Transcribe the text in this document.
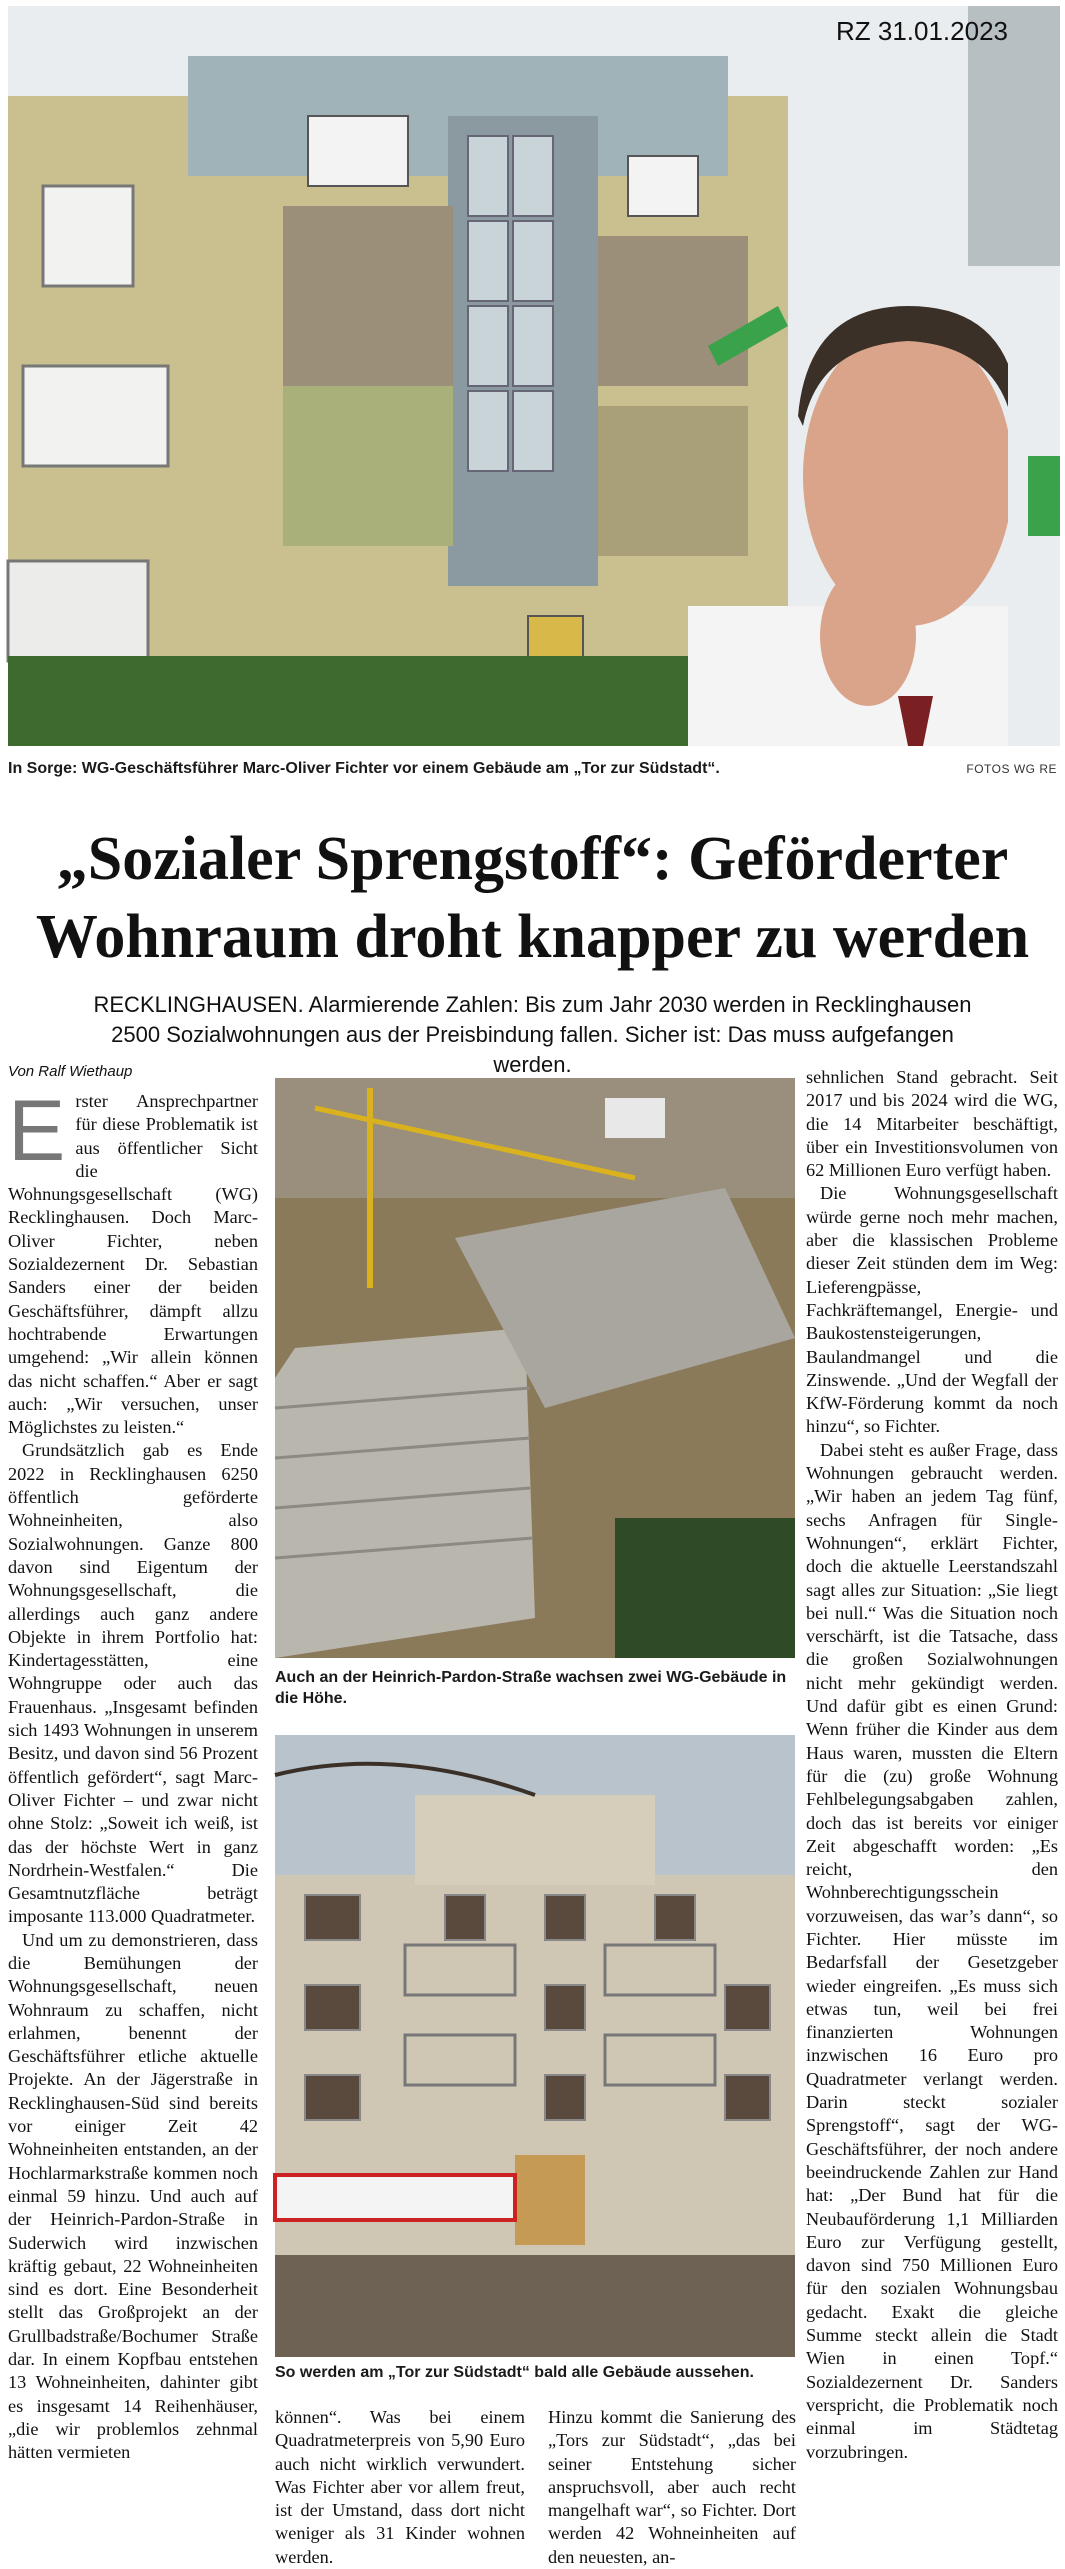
RZ 31.01.2023
In Sorge: WG-Geschäftsführer Marc-Oliver Fichter vor einem Gebäude am „Tor zur Südstadt“.	FOTOS WG RE
„Sozialer Sprengstoff“: Geförderter
Wohnraum droht knapper zu werden
RECKLINGHAUSEN. Alarmierende Zahlen: Bis zum Jahr 2030 werden in Recklinghausen 2500 Sozialwohnungen aus der Preisbindung fallen. Sicher ist: Das muss aufgefangen werden.
Von Ralf Wiethaup

Erster Ansprechpartner für diese Problematik ist aus öffentlicher Sicht die Wohnungsgesellschaft (WG) Recklinghausen. Doch Marc-Oliver Fichter, neben Sozialdezernent Dr. Sebastian Sanders einer der beiden Geschäftsführer, dämpft allzu hochtrabende Erwartungen umgehend: „Wir allein können das nicht schaffen.“ Aber er sagt auch: „Wir versuchen, unser Möglichstes zu leisten.“

Grundsätzlich gab es Ende 2022 in Recklinghausen 6250 öffentlich geförderte Wohneinheiten, also Sozialwohnungen. Ganze 800 davon sind Eigentum der Wohnungsgesellschaft, die allerdings auch ganz andere Objekte in ihrem Portfolio hat: Kindertagesstätten, eine Wohngruppe oder auch das Frauenhaus. „Insgesamt befinden sich 1493 Wohnungen in unserem Besitz, und davon sind 56 Prozent öffentlich gefördert“, sagt Marc-Oliver Fichter – und zwar nicht ohne Stolz: „Soweit ich weiß, ist das der höchste Wert in ganz Nordrhein-Westfalen.“ Die Gesamtnutzfläche beträgt imposante 113.000 Quadratmeter.

Und um zu demonstrieren, dass die Bemühungen der Wohnungsgesellschaft, neuen Wohnraum zu schaffen, nicht erlahmen, benennt der Geschäftsführer etliche aktuelle Projekte. An der Jägerstraße in Recklinghausen-Süd sind bereits vor einiger Zeit 42 Wohneinheiten entstanden, an der Hochlarmarkstraße kommen noch einmal 59 hinzu. Und auch auf der Heinrich-Pardon-Straße in Suderwich wird inzwischen kräftig gebaut, 22 Wohneinheiten sind es dort. Eine Besonderheit stellt das Großprojekt an der Grullbadstraße/Bochumer Straße dar. In einem Kopfbau entstehen 13 Wohneinheiten, dahinter gibt es insgesamt 14 Reihenhäuser, „die wir problemlos zehnmal hätten vermieten

Auch an der Heinrich-Pardon-Straße wachsen zwei WG-Gebäude in die Höhe.
So werden am „Tor zur Südstadt“ bald alle Gebäude aussehen.

können“. Was bei einem Quadratmeterpreis von 5,90 Euro auch nicht wirklich verwundert. Was Fichter aber vor allem freut, ist der Umstand, dass dort nicht weniger als 31 Kinder wohnen werden.

Hinzu kommt die Sanierung des „Tors zur Südstadt“, „das bei seiner Entstehung sicher anspruchsvoll, aber auch recht mangelhaft war“, so Fichter. Dort werden 42 Wohneinheiten auf den neuesten, an-

sehnlichen Stand gebracht. Seit 2017 und bis 2024 wird die WG, die 14 Mitarbeiter beschäftigt, über ein Investitionsvolumen von 62 Millionen Euro verfügt haben.

Die Wohnungsgesellschaft würde gerne noch mehr machen, aber die klassischen Probleme dieser Zeit stünden dem im Weg: Lieferengpässe, Fachkräftemangel, Energie- und Baukostensteigerungen, Baulandmangel und die Zinswende. „Und der Wegfall der KfW-Förderung kommt da noch hinzu“, so Fichter.

Dabei steht es außer Frage, dass Wohnungen gebraucht werden. „Wir haben an jedem Tag fünf, sechs Anfragen für Single-Wohnungen“, erklärt Fichter, doch die aktuelle Leerstandszahl sagt alles zur Situation: „Sie liegt bei null.“ Was die Situation noch verschärft, ist die Tatsache, dass die großen Sozialwohnungen nicht mehr gekündigt werden. Und dafür gibt es einen Grund: Wenn früher die Kinder aus dem Haus waren, mussten die Eltern für die (zu) große Wohnung Fehlbelegungsabgaben zahlen, doch das ist bereits vor einiger Zeit abgeschafft worden: „Es reicht, den Wohnberechtigungsschein vorzuweisen, das war’s dann“, so Fichter. Hier müsste im Bedarfsfall der Gesetzgeber wieder eingreifen. „Es muss sich etwas tun, weil bei frei finanzierten Wohnungen inzwischen 16 Euro pro Quadratmeter verlangt werden. Darin steckt sozialer Sprengstoff“, sagt der WG-Geschäftsführer, der noch andere beeindruckende Zahlen zur Hand hat: „Der Bund hat für die Neubauförderung 1,1 Milliarden Euro zur Verfügung gestellt, davon sind 750 Millionen Euro für den sozialen Wohnungsbau gedacht. Exakt die gleiche Summe steckt allein die Stadt Wien in einen Topf.“ Sozialdezernent Dr. Sanders verspricht, die Problematik noch einmal im Städtetag vorzubringen.
